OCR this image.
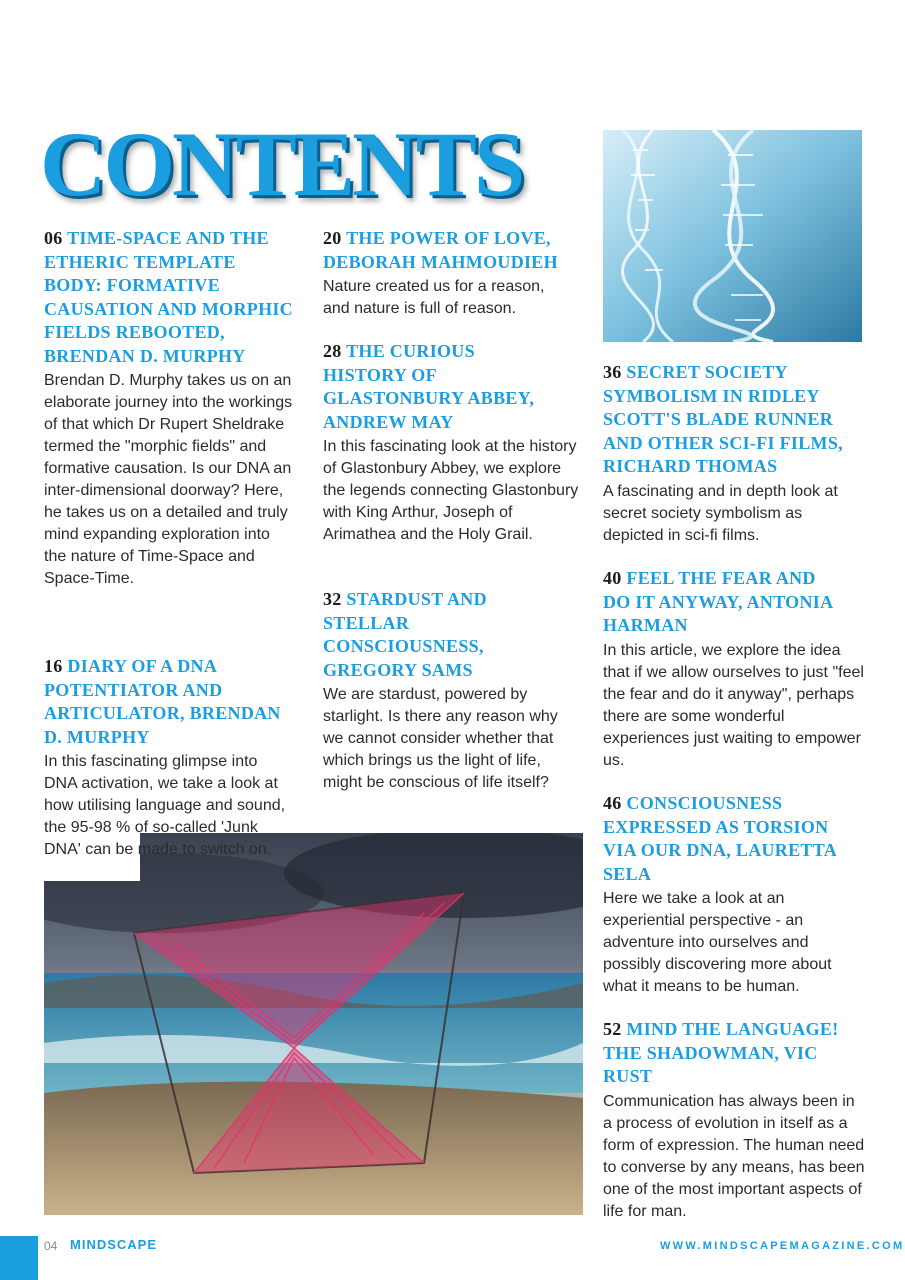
CONTENTS
06 TIME-SPACE AND THE ETHERIC TEMPLATE BODY: FORMATIVE CAUSATION AND MORPHIC FIELDS REBOOTED, BRENDAN D. MURPHY

Brendan D. Murphy takes us on an elaborate journey into the workings of that which Dr Rupert Sheldrake termed the "morphic fields" and formative causation. Is our DNA an inter-dimensional doorway? Here, he takes us on a detailed and truly mind expanding exploration into the nature of Time-Space and Space-Time.

16 DIARY OF A DNA POTENTIATOR AND ARTICULATOR, BRENDAN D. MURPHY

In this fascinating glimpse into DNA activation, we take a look at how utilising language and sound, the 95-98 % of so-called 'Junk DNA' can be made to switch on.

20 THE POWER OF LOVE, DEBORAH MAHMOUDIEH

Nature created us for a reason, and nature is full of reason.

28 THE CURIOUS HISTORY OF GLASTONBURY ABBEY, ANDREW MAY

In this fascinating look at the history of Glastonbury Abbey, we explore the legends connecting Glastonbury with King Arthur, Joseph of Arimathea and the Holy Grail.

32 STARDUST AND STELLAR CONSCIOUSNESS, GREGORY SAMS

We are stardust, powered by starlight. Is there any reason why we cannot consider whether that which brings us the light of life, might be conscious of life itself?

36 SECRET SOCIETY SYMBOLISM IN RIDLEY SCOTT'S BLADE RUNNER AND OTHER SCI-FI FILMS, RICHARD THOMAS

A fascinating and in depth look at secret society symbolism as depicted in sci-fi films.

40 FEEL THE FEAR AND DO IT ANYWAY, ANTONIA HARMAN

In this article, we explore the idea that if we allow ourselves to just "feel the fear and do it anyway", perhaps there are some wonderful experiences just waiting to empower us.

46 CONSCIOUSNESS EXPRESSED AS TORSION VIA OUR DNA, LAURETTA SELA

Here we take a look at an experiential perspective - an adventure into ourselves and possibly discovering more about what it means to be human.

52 MIND THE LANGUAGE! THE SHADOWMAN, VIC RUST

Communication has always been in a process of evolution in itself as a form of expression. The human need to converse by any means, has been one of the most important aspects of life for man.

04 MINDSCAPE	WWW.MINDSCAPEMAGAZINE.COM
